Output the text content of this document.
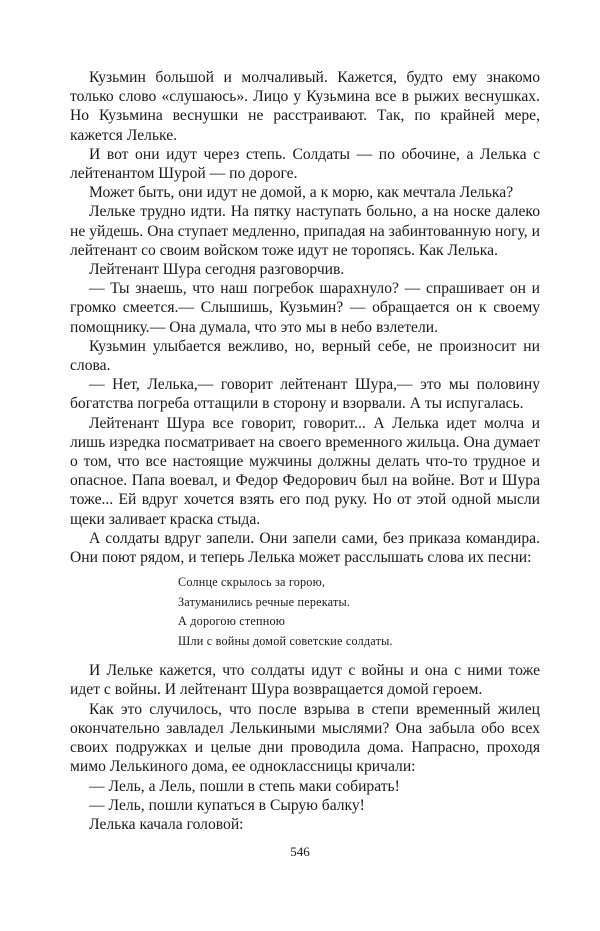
Кузьмин большой и молчаливый. Кажется, будто ему знакомо только слово «слушаюсь». Лицо у Кузьмина все в рыжих веснушках. Но Кузьмина веснушки не расстраивают. Так, по крайней мере, кажется Лельке.

И вот они идут через степь. Солдаты — по обочине, а Лелька с лейтенантом Шурой — по дороге.

Может быть, они идут не домой, а к морю, как мечтала Лелька?

Лельке трудно идти. На пятку наступать больно, а на носке далеко не уйдешь. Она ступает медленно, припадая на забинтованную ногу, и лейтенант со своим войском тоже идут не торопясь. Как Лелька.

Лейтенант Шура сегодня разговорчив.

— Ты знаешь, что наш погребок шарахнуло? — спрашивает он и громко смеется.— Слышишь, Кузьмин? — обращается он к своему помощнику.— Она думала, что это мы в небо взлетели.

Кузьмин улыбается вежливо, но, верный себе, не произносит ни слова.

— Нет, Лелька,— говорит лейтенант Шура,— это мы половину богатства погреба оттащили в сторону и взорвали. А ты испугалась.

Лейтенант Шура все говорит, говорит... А Лелька идет молча и лишь изредка посматривает на своего временного жильца. Она думает о том, что все настоящие мужчины должны делать что-то трудное и опасное. Папа воевал, и Федор Федорович был на войне. Вот и Шура тоже... Ей вдруг хочется взять его под руку. Но от этой одной мысли щеки заливает краска стыда.

А солдаты вдруг запели. Они запели сами, без приказа командира. Они поют рядом, и теперь Лелька может расслышать слова их песни:

Солнце скрылось за горою,
Затуманились речные перекаты.
А дорогою степною
Шли с войны домой советские солдаты.

И Лельке кажется, что солдаты идут с войны и она с ними тоже идет с войны. И лейтенант Шура возвращается домой героем.

Как это случилось, что после взрыва в степи временный жилец окончательно завладел Лелькиными мыслями? Она забыла обо всех своих подружках и целые дни проводила дома. Напрасно, проходя мимо Лелькиного дома, ее одноклассницы кричали:

— Лель, а Лель, пошли в степь маки собирать!

— Лель, пошли купаться в Сырую балку!

Лелька качала головой:

546
